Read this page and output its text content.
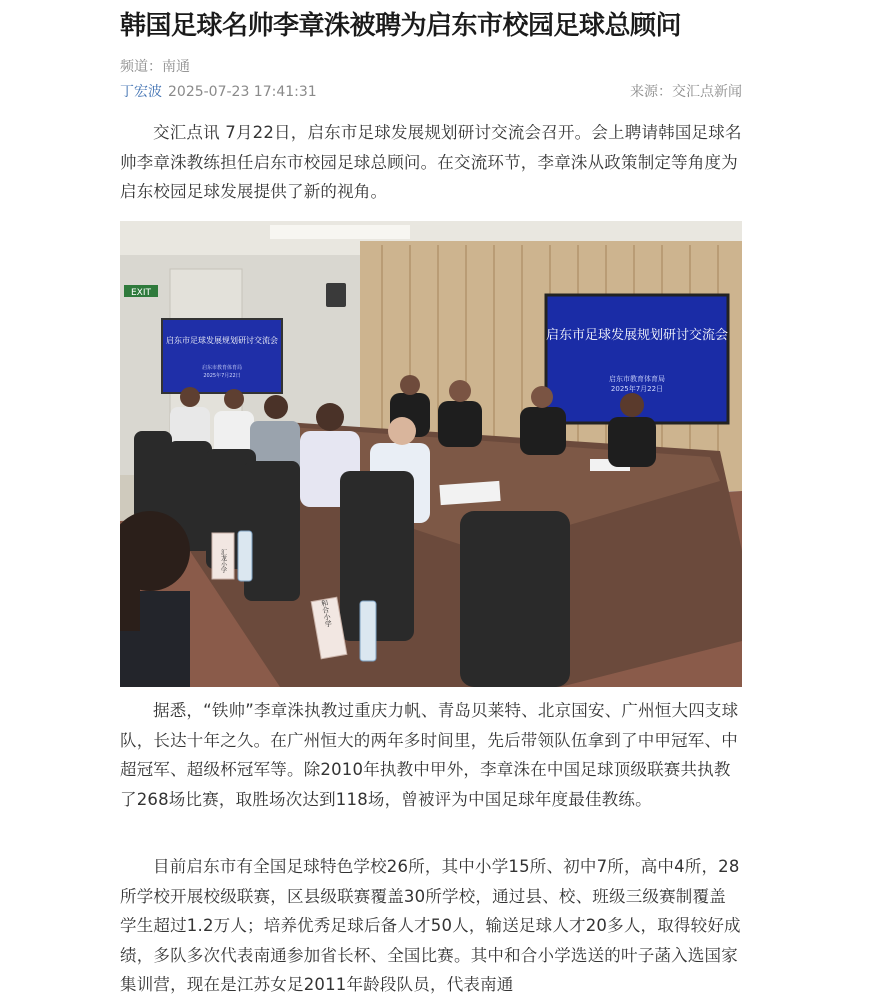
韩国足球名帅李章洙被聘为启东市校园足球总顾问
频道：南通
丁宏波 2025-07-23 17:41:31	来源：交汇点新闻

交汇点讯 7月22日，启东市足球发展规划研讨交流会召开。会上聘请韩国足球名帅李章洙教练担任启东市校园足球总顾问。在交流环节，李章洙从政策制定等角度为启东校园足球发展提供了新的视角。

EXIT
启东市足球发展规划研讨交流会
启东市教育体育局
2025年7月22日
启东市足球发展规划研讨交流会
启东市教育体育局
2025年7月22日
汇龙小学
和合小学

据悉，“铁帅”李章洙执教过重庆力帆、青岛贝莱特、北京国安、广州恒大四支球队，长达十年之久。在广州恒大的两年多时间里，先后带领队伍拿到了中甲冠军、中超冠军、超级杯冠军等。除2010年执教中甲外，李章洙在中国足球顶级联赛共执教了268场比赛，取胜场次达到118场，曾被评为中国足球年度最佳教练。

目前启东市有全国足球特色学校26所，其中小学15所、初中7所，高中4所，28所学校开展校级联赛，区县级联赛覆盖30所学校，通过县、校、班级三级赛制覆盖学生超过1.2万人；培养优秀足球后备人才50人，输送足球人才20多人，取得较好成绩，多队多次代表南通参加省长杯、全国比赛。其中和合小学选送的叶子菡入选国家集训营，现在是江苏女足2011年龄段队员，代表南通
